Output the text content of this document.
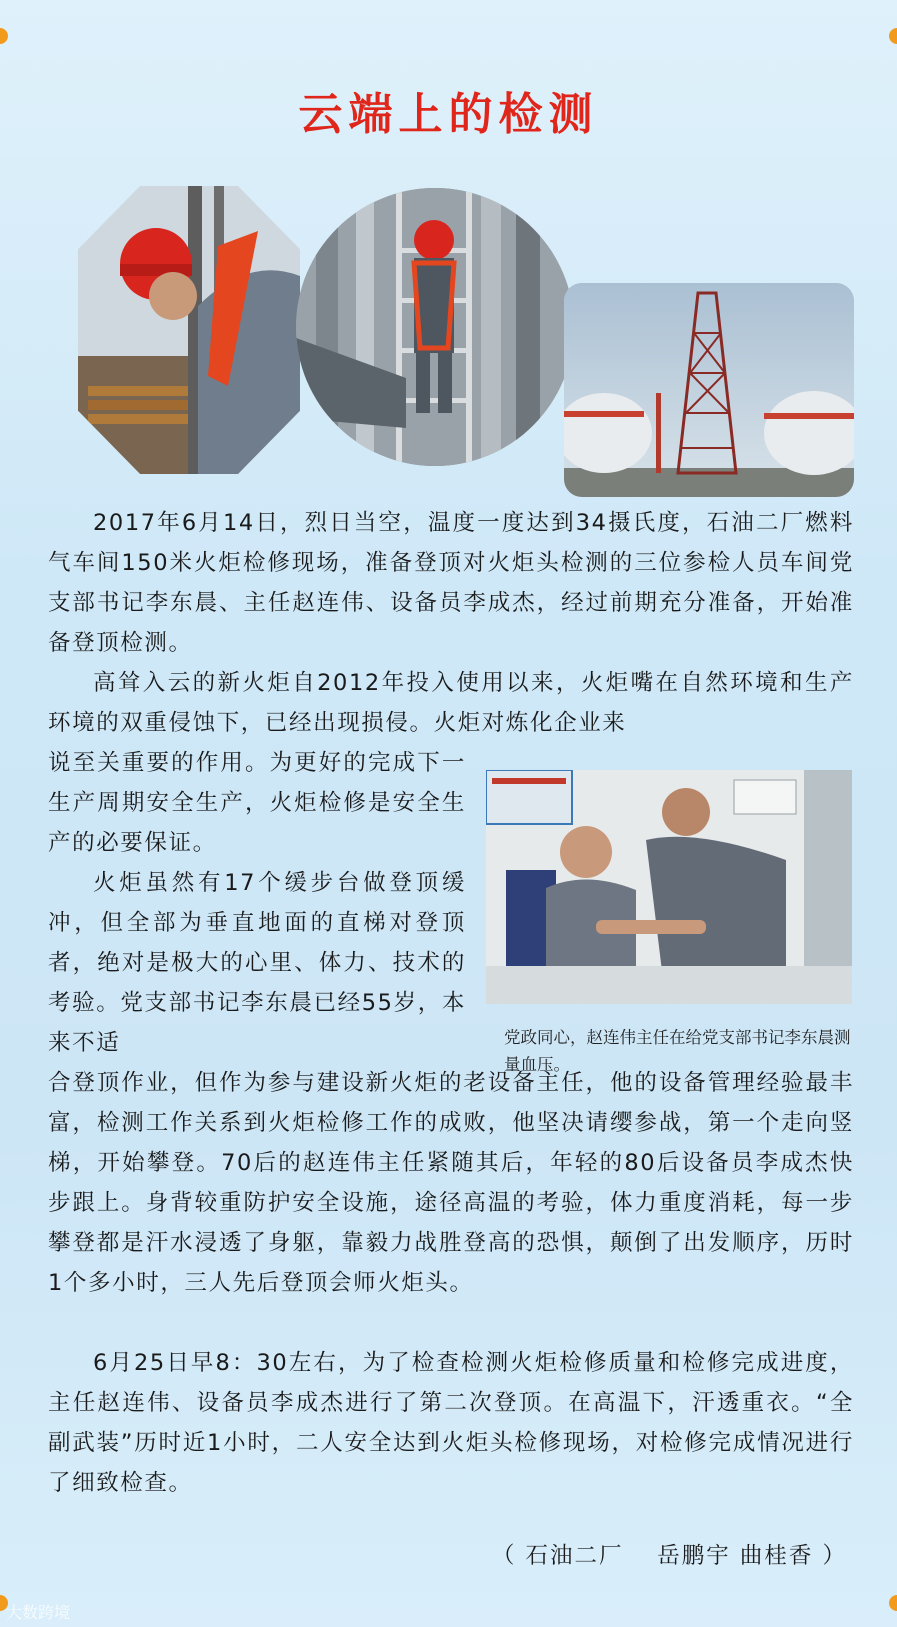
云端上的检测

2017年6月14日，烈日当空，温度一度达到34摄氏度，石油二厂燃料气车间150米火炬检修现场，准备登顶对火炬头检测的三位参检人员车间党支部书记李东晨、主任赵连伟、设备员李成杰，经过前期充分准备，开始准备登顶检测。

高耸入云的新火炬自2012年投入使用以来，火炬嘴在自然环境和生产环境的双重侵蚀下，已经出现损侵。火炬对炼化企业来

说至关重要的作用。为更好的完成下一生产周期安全生产，火炬检修是安全生产的必要保证。

火炬虽然有17个缓步台做登顶缓冲，但全部为垂直地面的直梯对登顶者，绝对是极大的心里、体力、技术的考验。党支部书记李东晨已经55岁，本来不适	党政同心，赵连伟主任在给党支部书记李东晨测量血压。

合登顶作业，但作为参与建设新火炬的老设备主任，他的设备管理经验最丰富，检测工作关系到火炬检修工作的成败，他坚决请缨参战，第一个走向竖梯，开始攀登。70后的赵连伟主任紧随其后，年轻的80后设备员李成杰快步跟上。身背较重防护安全设施，途径高温的考验，体力重度消耗，每一步攀登都是汗水浸透了身躯，靠毅力战胜登高的恐惧，颠倒了出发顺序，历时1个多小时，三人先后登顶会师火炬头。

6月25日早8：30左右，为了检查检测火炬检修质量和检修完成进度，主任赵连伟、设备员李成杰进行了第二次登顶。在高温下，汗透重衣。“全副武装”历时近1小时，二人安全达到火炬头检修现场，对检修完成情况进行了细致检查。

（ 石油二厂　 岳鹏宇 曲桂香 ）
大数跨境
